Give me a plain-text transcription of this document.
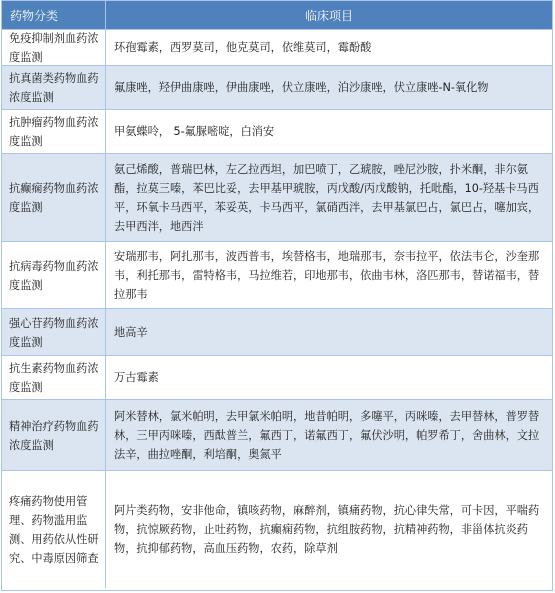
药物分类	临床项目
免疫抑制剂血药浓度监测
环孢霉素，西罗莫司，他克莫司，依维莫司，霉酚酸
抗真菌类药物血药浓度监测
氟康唑，羟伊曲康唑，伊曲康唑，伏立康唑，泊沙康唑，伏立康唑-N-氧化物
抗肿瘤药物血药浓度监测
甲氨蝶呤， 5-氟脲嘧啶，白消安
抗癫痫药物血药浓度监测
氨己烯酸，普瑞巴林，左乙拉西坦，加巴喷丁，乙琥胺，唑尼沙胺，扑米酮，非尔氨酯，拉莫三嗪，苯巴比妥，去甲基甲琥胺，丙戊酸/丙戊酸钠，托吡酯，10-羟基卡马西平，环氧卡马西平，苯妥英，卡马西平，氯硝西泮，去甲基氯巴占，氯巴占，噻加宾，去甲西泮，地西泮
抗病毒药物血药浓度监测
安瑞那韦，阿扎那韦，波西普韦，埃替格韦，地瑞那韦，奈韦拉平，依法韦仑，沙奎那韦，利托那韦，雷特格韦，马拉维若，印地那韦，依曲韦林，洛匹那韦，替诺福韦，替拉那韦
强心苷药物血药浓度监测
地高辛
抗生素药物血药浓度监测
万古霉素
精神治疗药物血药浓度监测
阿米替林，氯米帕明，去甲氯米帕明，地昔帕明，多噻平，丙咪嗪，去甲替林，普罗替林，三甲丙咪嗪，西酞普兰，氟西丁，诺氟西丁，氟伏沙明，帕罗希丁，舍曲林，文拉法辛，曲拉唑酮，利培酮，奥氮平
疼痛药物使用管理、药物滥用监测、用药依从性研究、中毒原因筛查
阿片类药物，安非他命，镇咳药物，麻醉剂，镇痛药物，抗心律失常，可卡因，平喘药物，抗惊厥药物，止吐药物，抗癫痫药物，抗组胺药物，抗精神药物，非甾体抗炎药物，抗抑郁药物，高血压药物，农药，除草剂
